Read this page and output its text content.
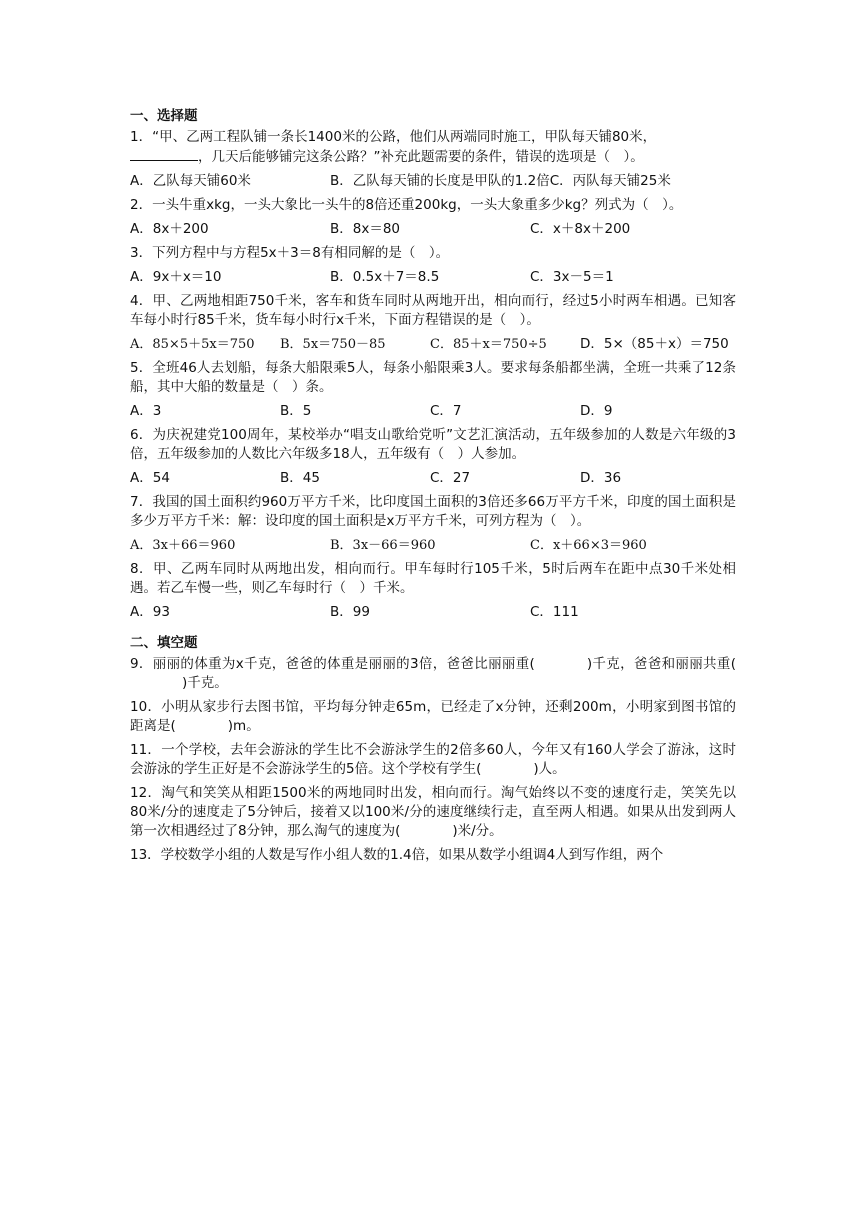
一、选择题

1．“甲、乙两工程队铺一条长1400米的公路，他们从两端同时施工，甲队每天铺80米，

，几天后能够铺完这条公路？”补充此题需要的条件，错误的选项是（　）。

A．乙队每天铺60米	B．乙队每天铺的长度是甲队的1.2倍 C．丙队每天铺25米

2．一头牛重xkg，一头大象比一头牛的8倍还重200kg，一头大象重多少kg？列式为（　）。

A．8x＋200	B．8x＝80	C．x＋8x＋200

3．下列方程中与方程5x＋3＝8有相同解的是（　）。

A．9x＋x＝10	B．0.5x＋7＝8.5	C．3x－5＝1

4．甲、乙两地相距750千米，客车和货车同时从两地开出，相向而行，经过5小时两车相遇。已知客车每小时行85千米，货车每小时行x千米，下面方程错误的是（　）。

A．85×5＋5x＝750	B．5x＝750－85	C．85＋x＝750÷5	D．5×（85＋x）＝750

5．全班46人去划船，每条大船限乘5人，每条小船限乘3人。要求每条船都坐满，全班一共乘了12条船，其中大船的数量是（　）条。

A．3	B．5	C．7	D．9

6．为庆祝建党100周年，某校举办“唱支山歌给党听”文艺汇演活动，五年级参加的人数是六年级的3倍，五年级参加的人数比六年级多18人，五年级有（　）人参加。

A．54	B．45	C．27	D．36

7．我国的国土面积约960万平方千米，比印度国土面积的3倍还多66万平方千米，印度的国土面积是多少万平方千米：解：设印度的国土面积是x万平方千米，可列方程为（　）。

A．3x＋66＝960	B．3x－66＝960	C．x＋66×3＝960

8．甲、乙两车同时从两地出发，相向而行。甲车每时行105千米，5时后两车在距中点30千米处相遇。若乙车慢一些，则乙车每时行（　）千米。

A．93	B．99	C．111
二、填空题

9．丽丽的体重为x千克，爸爸的体重是丽丽的3倍，爸爸比丽丽重(	)千克，爸爸和丽丽共重()千克。

10．小明从家步行去图书馆，平均每分钟走65m，已经走了x分钟，还剩200m，小明家到图书馆的距离是(	)m。

11．一个学校，去年会游泳的学生比不会游泳学生的2倍多60人，今年又有160人学会了游泳，这时会游泳的学生正好是不会游泳学生的5倍。这个学校有学生(	)人。

12．淘气和笑笑从相距1500米的两地同时出发，相向而行。淘气始终以不变的速度行走，笑笑先以80米/分的速度走了5分钟后，接着又以100米/分的速度继续行走，直至两人相遇。如果从出发到两人第一次相遇经过了8分钟，那么淘气的速度为(	)米/分。

13．学校数学小组的人数是写作小组人数的1.4倍，如果从数学小组调4人到写作组，两个
